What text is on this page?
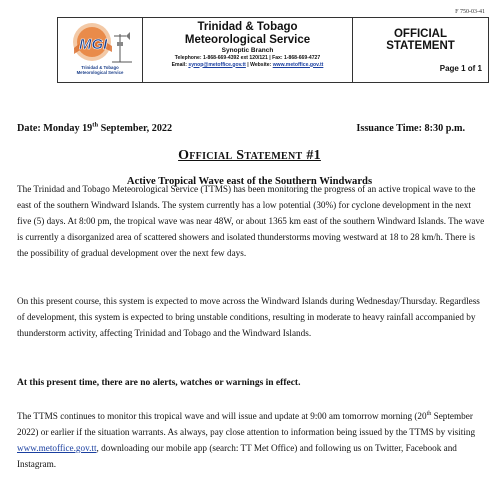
F 750-03-41
MGI
Trinidad & Tobago
Meteorological Service
Trinidad & Tobago
Meteorological Service
Synoptic Branch
Telephone: 1-868-669-4392 ext 120/121 | Fax: 1-868-669-4727
Email: synop@metoffice.gov.tt | Website: www.metoffice.gov.tt
OFFICIAL
STATEMENT
Page 1 of 1
Date: Monday 19th September, 2022	Issuance Time: 8:30 p.m.
Official Statement #1
Active Tropical Wave east of the Southern Windwards

The Trinidad and Tobago Meteorological Service (TTMS) has been monitoring the progress of an active tropical wave to the east of the southern Windward Islands. The system currently has a low potential (30%) for cyclone development in the next five (5) days. At 8:00 pm, the tropical wave was near 48W, or about 1365 km east of the southern Windward Islands. The wave is currently a disorganized area of scattered showers and isolated thunderstorms moving westward at 18 to 28 km/h. There is the possibility of gradual development over the next few days.

On this present course, this system is expected to move across the Windward Islands during Wednesday/Thursday. Regardless of development, this system is expected to bring unstable conditions, resulting in moderate to heavy rainfall accompanied by thunderstorm activity, affecting Trinidad and Tobago and the Windward Islands.

At this present time, there are no alerts, watches or warnings in effect.

The TTMS continues to monitor this tropical wave and will issue and update at 9:00 am tomorrow morning (20th September 2022) or earlier if the situation warrants. As always, pay close attention to information being issued by the TTMS by visiting www.metoffice.gov.tt, downloading our mobile app (search: TT Met Office) and following us on Twitter, Facebook and Instagram.
